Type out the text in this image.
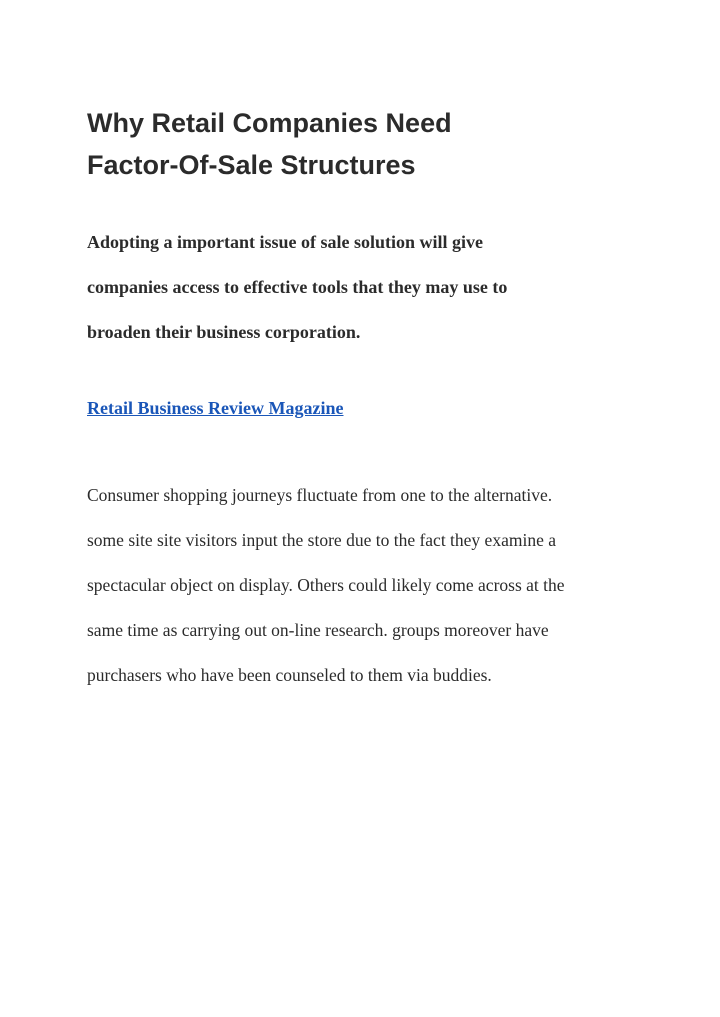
Why Retail Companies Need
Factor-Of-Sale Structures

Adopting a important issue of sale solution will give
companies access to effective tools that they may use to
broaden their business corporation.

Retail Business Review Magazine

Consumer shopping journeys fluctuate from one to the alternative.
some site site visitors input the store due to the fact they examine a
spectacular object on display. Others could likely come across at the
same time as carrying out on-line research. groups moreover have
purchasers who have been counseled to them via buddies.
